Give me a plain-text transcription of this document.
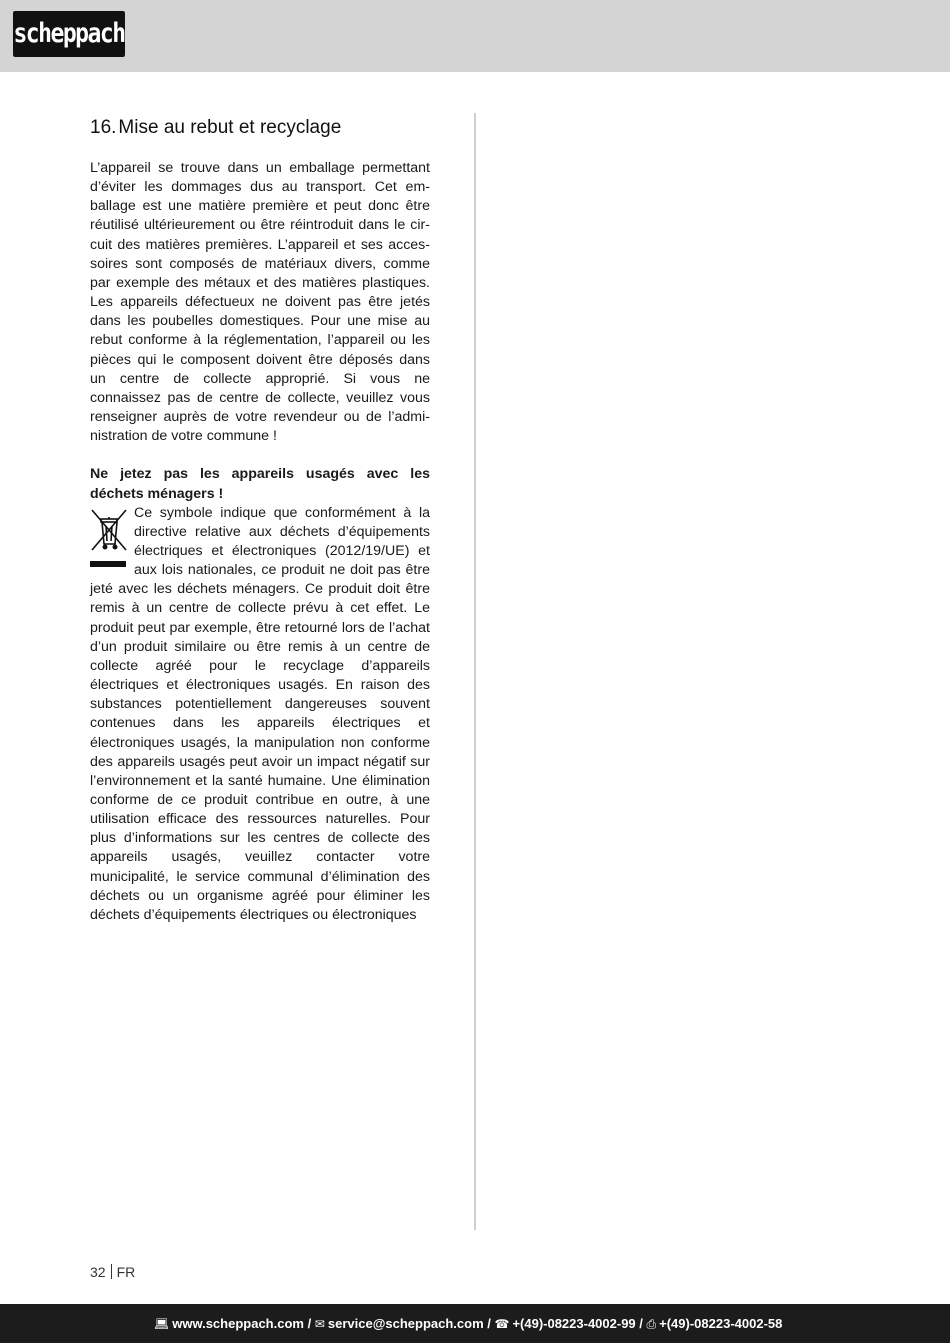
scheppach
16. Mise au rebut et recyclage

L’appareil se trouve dans un emballage permettant d’éviter les dommages dus au transport. Cet em-ballage est une matière première et peut donc être réutilisé ultérieurement ou être réintroduit dans le cir-cuit des matières premières. L’appareil et ses acces-soires sont composés de matériaux divers, comme par exemple des métaux et des matières plastiques. Les appareils défectueux ne doivent pas être jetés dans les poubelles domestiques. Pour une mise au rebut conforme à la réglementation, l’appareil ou les pièces qui le composent doivent être déposés dans un centre de collecte approprié. Si vous ne connaissez pas de centre de collecte, veuillez vous renseigner auprès de votre revendeur ou de l’admi-nistration de votre commune !

Ne jetez pas les appareils usagés avec les déchets ménagers !

Ce symbole indique que conformément à la directive relative aux déchets d’équipements électriques et électroniques (2012/19/UE) et aux lois nationales, ce produit ne doit pas être jeté avec les déchets ménagers. Ce produit doit être remis à un centre de collecte prévu à cet effet. Le produit peut par exemple, être retourné lors de l’achat d’un produit similaire ou être remis à un centre de collecte agréé pour le recyclage d’appareils électriques et électroniques usagés. En raison des substances potentiellement dangereuses souvent contenues dans les appareils électriques et électroniques usagés, la manipulation non conforme des appareils usagés peut avoir un impact négatif sur l’environnement et la santé humaine. Une élimination conforme de ce produit contribue en outre, à une utilisation efficace des ressources naturelles. Pour plus d’informations sur les centres de collecte des appareils usagés, veuillez contacter votre municipalité, le service communal d’élimination des déchets ou un organisme agréé pour éliminer les déchets d’équipements électriques ou électroniques

32 FR
💻︎ www.scheppach.com / ✉︎ service@scheppach.com / ☎︎ +(49)-08223-4002-99 / ⎙ +(49)-08223-4002-58
